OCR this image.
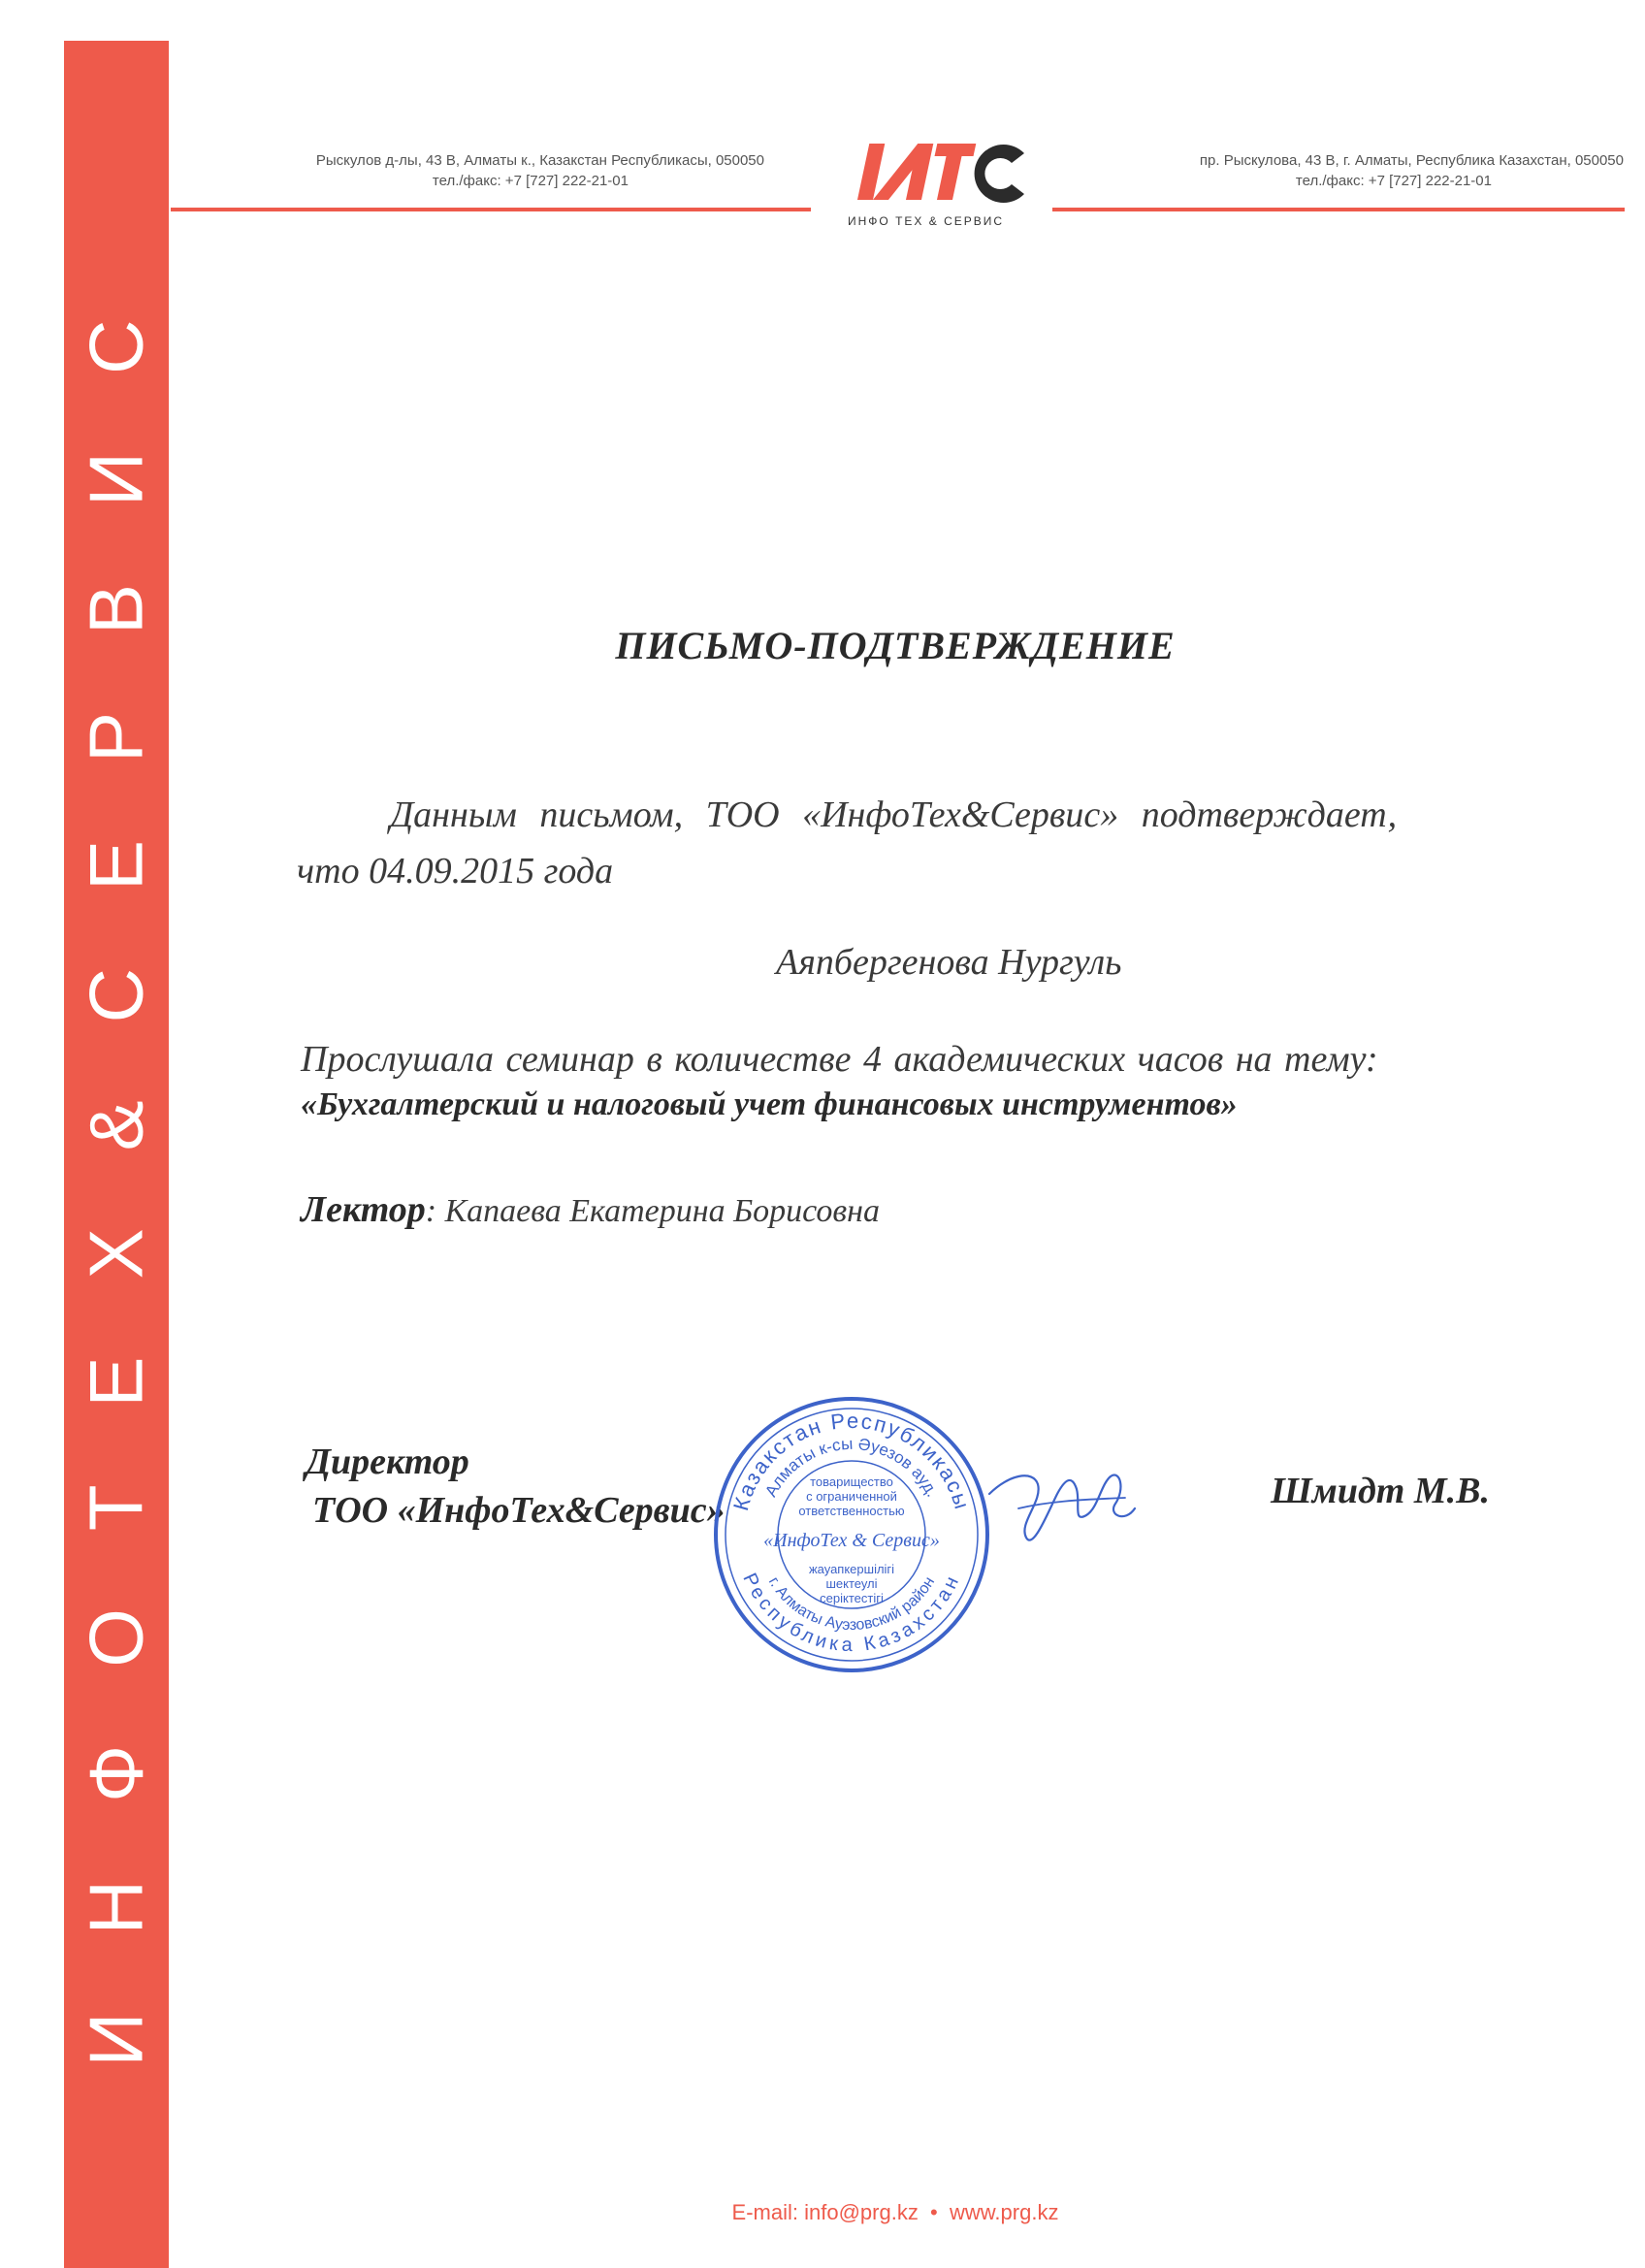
ИНФОТЕХ&СЕРВИС
Рыскулов д-лы, 43 В, Алматы к., Казакстан Республикасы, 050050
тел./факс: +7 [727] 222-21-01
ИНФО ТЕХ & СЕРВИС
пр. Рыскулова, 43 В, г. Алматы, Республика Казахстан, 050050
тел./факс: +7 [727] 222-21-01
ПИСЬМО-ПОДТВЕРЖДЕНИЕ
Данным письмом, ТОО «ИнфоТех&Сервис» подтверждает,
что 04.09.2015 года
Аяпбергенова Нургуль
Прослушала семинар в количестве 4 академических часов на тему:
«Бухгалтерский и налоговый учет финансовых инструментов»
Лектор: Капаева Екатерина Борисовна
Директор
ТОО «ИнфоТех&Сервис»	Шмидт М.В.
Казакстан Республикасы
Алматы к-сы Әуезов ауд.
Республика Казахстан
г. Алматы Ауэзовский район
товарищество
с ограниченной
ответственностью
«ИнфоТех & Сервис»
жауапкершілігі
шектеулі
серіктестігі
E-mail: info@prg.kz  •  www.prg.kz
